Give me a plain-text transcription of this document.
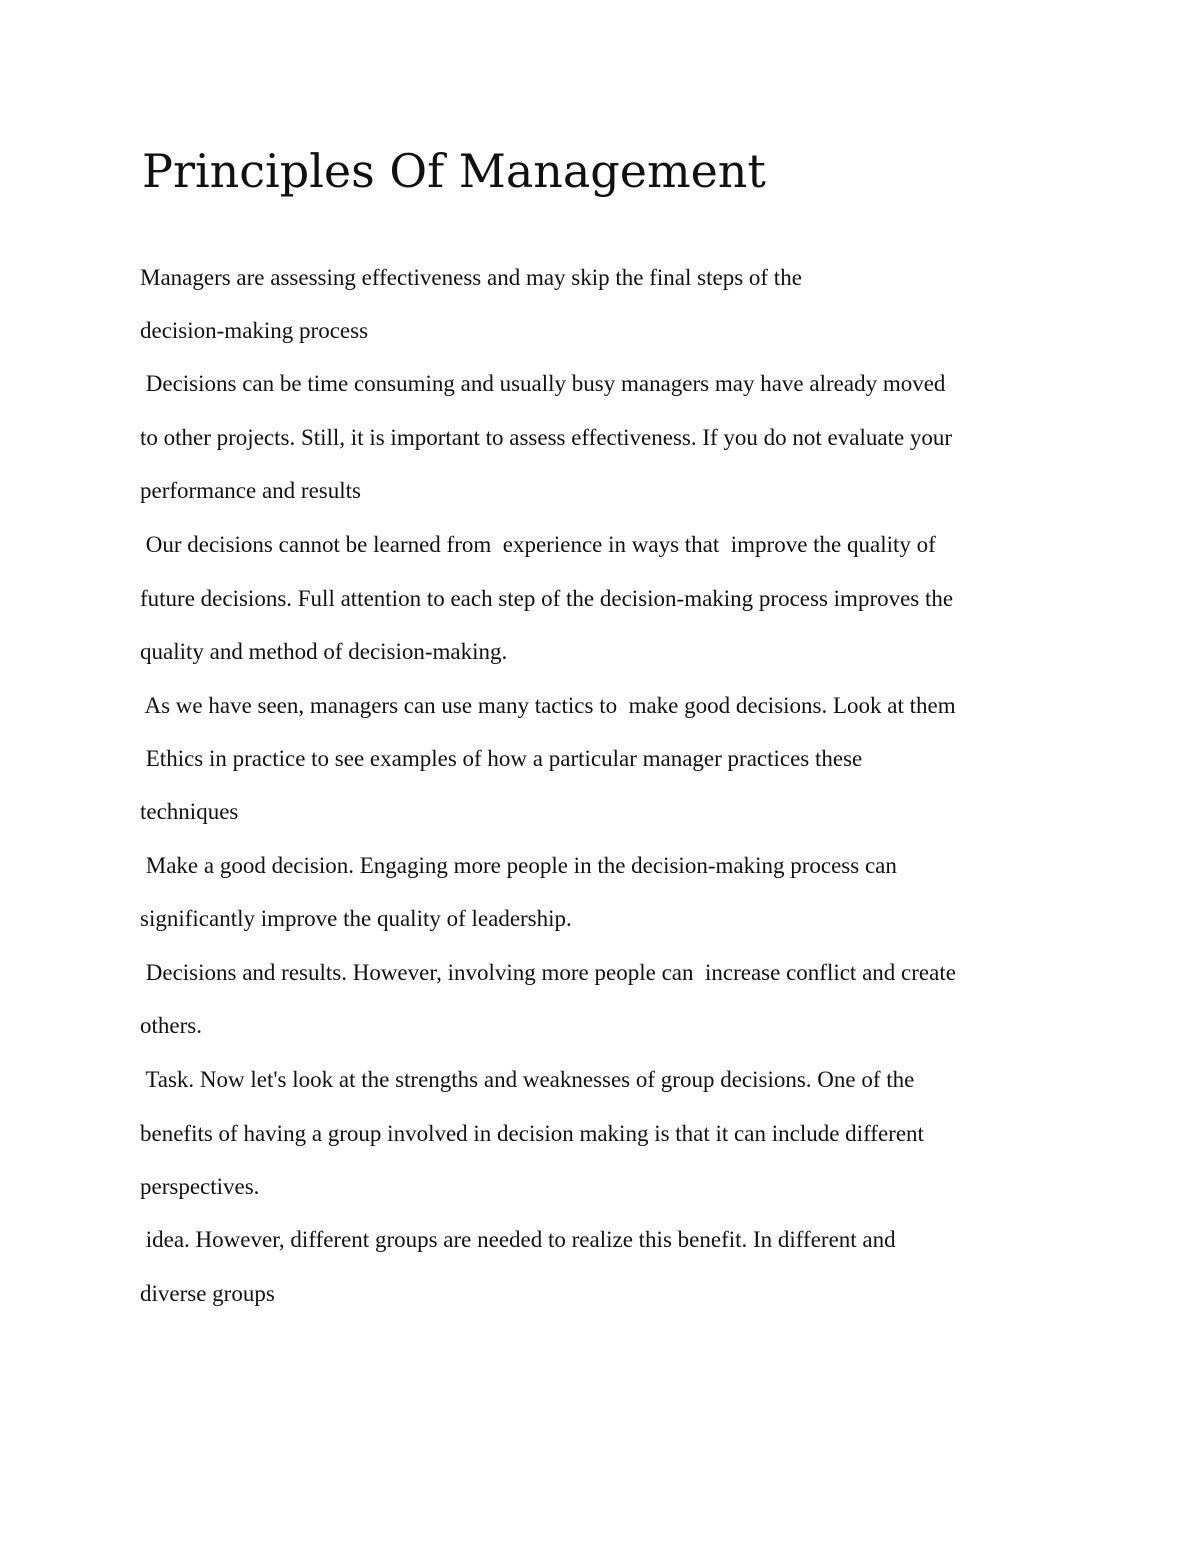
Principles Of Management
Managers are assessing effectiveness and may skip the final steps of the
decision-making process
Decisions can be time consuming and usually busy managers may have already moved
to other projects. Still, it is important to assess effectiveness. If you do not evaluate your
performance and results
Our decisions cannot be learned from  experience in ways that  improve the quality of
future decisions. Full attention to each step of the decision-making process improves the
quality and method of decision-making.
As we have seen, managers can use many tactics to  make good decisions. Look at them
Ethics in practice to see examples of how a particular manager practices these
techniques
Make a good decision. Engaging more people in the decision-making process can
significantly improve the quality of leadership.
Decisions and results. However, involving more people can  increase conflict and create
others.
Task. Now let's look at the strengths and weaknesses of group decisions. One of the
benefits of having a group involved in decision making is that it can include different
perspectives.
idea. However, different groups are needed to realize this benefit. In different and
diverse groups
